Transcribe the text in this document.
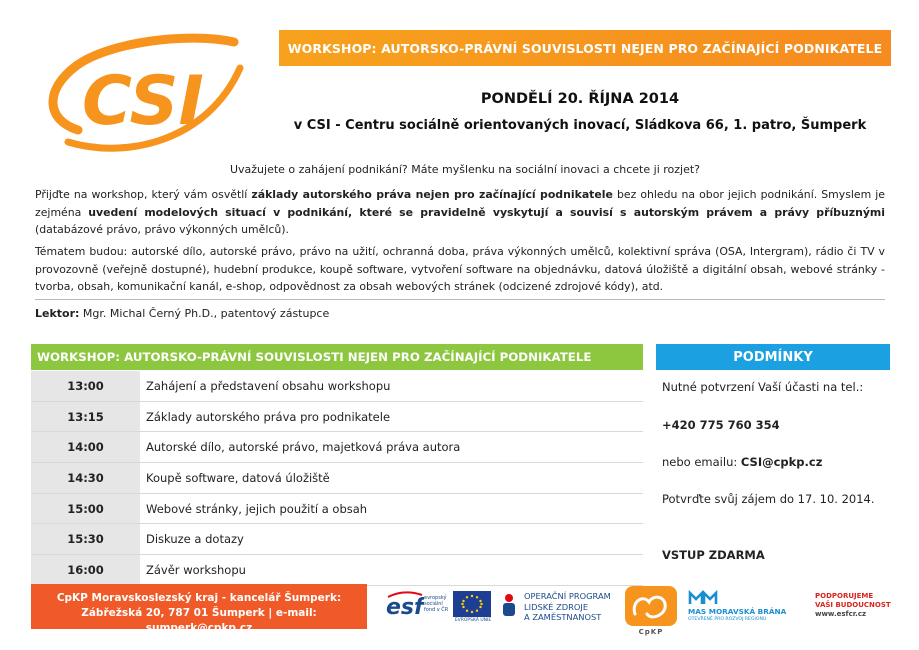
CSI
WORKSHOP: AUTORSKO-PRÁVNÍ SOUVISLOSTI NEJEN PRO ZAČÍNAJÍCÍ PODNIKATELE
PONDĚLÍ 20. ŘÍJNA 2014
v CSI - Centru sociálně orientovaných inovací, Sládkova 66, 1. patro, Šumperk
Uvažujete o zahájení podnikání? Máte myšlenku na sociální inovaci a chcete ji rozjet?
Přijďte na workshop, který vám osvětlí základy autorského práva nejen pro začínající podnikatele bez ohledu na obor jejich podnikání. Smyslem je zejména uvedení modelových situací v podnikání, které se pravidelně vyskytují a souvisí s autorským právem a právy příbuznými (databázové právo, právo výkonných umělců).
Tématem budou: autorské dílo, autorské právo, právo na užití, ochranná doba, práva výkonných umělců, kolektivní správa (OSA, Intergram), rádio či TV v provozovně (veřejně dostupné), hudební produkce, koupě software, vytvoření software na objednávku, datová úložiště a digitální obsah, webové stránky - tvorba, obsah, komunikační kanál, e-shop, odpovědnost za obsah webových stránek (odcizené zdrojové kódy), atd.
Lektor: Mgr. Michal Černý Ph.D., patentový zástupce
WORKSHOP: AUTORSKO-PRÁVNÍ SOUVISLOSTI NEJEN PRO ZAČÍNAJÍCÍ PODNIKATELE
13:00	Zahájení a představení obsahu workshopu
13:15	Základy autorského práva pro podnikatele
14:00	Autorské dílo, autorské právo, majetková práva autora
14:30	Koupě software, datová úložiště
15:00	Webové stránky, jejich použití a obsah
15:30	Diskuze a dotazy
16:00	Závěr workshopu
PODMÍNKY
Nutné potvrzení Vaší účasti na tel.:
+420 775 760 354
nebo emailu: CSI@cpkp.cz
Potvrďte svůj zájem do 17. 10. 2014.
VSTUP ZDARMA
CpKP Moravskoslezský kraj - kancelář Šumperk:
Zábřežská 20, 787 01 Šumperk | e-mail: sumperk@cpkp.cz
esf evropský sociální fond v ČR
EVROPSKÁ UNIE
OPERAČNÍ PROGRAM
LIDSKÉ ZDROJE
A ZAMĚSTNANOST
CpKP
MAS MORAVSKÁ BRÁNA
OTEVŘENÉ PRO ROZVOJ REGIONU
PODPORUJEME
VAŠI BUDOUCNOST
www.esfcr.cz
